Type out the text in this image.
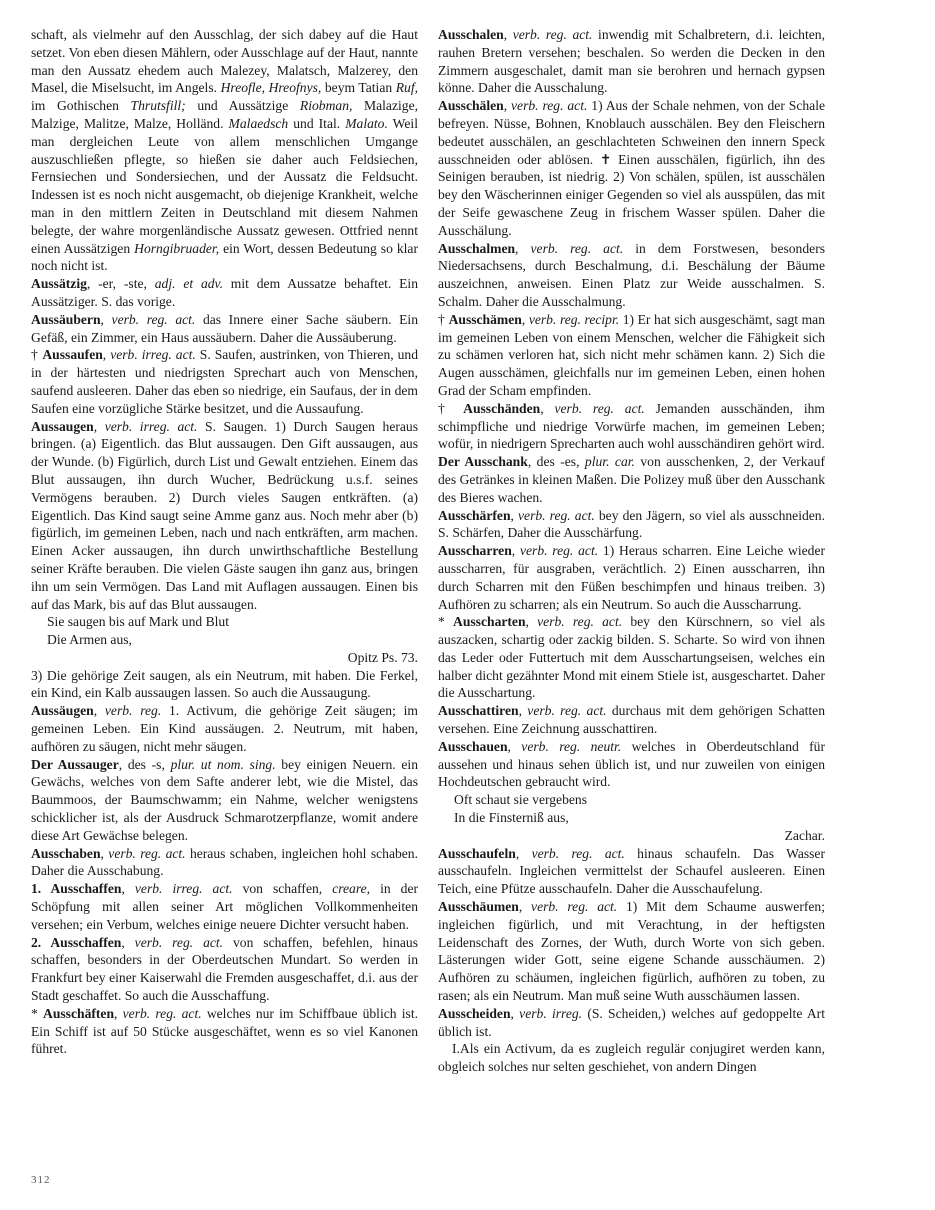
schaft, als vielmehr auf den Ausschlag, der sich dabey auf die Haut setzet. Von eben diesen Mählern, oder Ausschlage auf der Haut, nannte man den Aussatz ehedem auch Malezey, Malatsch, Malzerey, den Masel, die Miselsucht, im Angels. Hreofle, Hreofnys, beym Tatian Ruf, im Gothischen Thrutsfill; und Aussätzige Riobman, Malazige, Malzige, Malitze, Malze, Holländ. Malaedsch und Ital. Malato. Weil man dergleichen Leute von allem menschlichen Umgange auszuschließen pflegte, so hießen sie daher auch Feldsiechen, Fernsiechen und Sondersiechen, und der Aussatz die Feldsucht. Indessen ist es noch nicht ausgemacht, ob diejenige Krankheit, welche man in den mittlern Zeiten in Deutschland mit diesem Nahmen belegte, der wahre morgenländische Aussatz gewesen. Ottfried nennt einen Aussätzigen Horngibruader, ein Wort, dessen Bedeutung so klar noch nicht ist.

Aussätzig, -er, -ste, adj. et adv. mit dem Aussatze behaftet. Ein Aussätziger. S. das vorige.

Aussäubern, verb. reg. act. das Innere einer Sache säubern. Ein Gefäß, ein Zimmer, ein Haus aussäubern. Daher die Aussäuberung.

† Aussaufen, verb. irreg. act. S. Saufen, austrinken, von Thieren, und in der härtesten und niedrigsten Sprechart auch von Menschen, saufend ausleeren. Daher das eben so niedrige, ein Saufaus, der in dem Saufen eine vorzügliche Stärke besitzet, und die Aussaufung.

Aussaugen, verb. irreg. act. S. Saugen. 1) Durch Saugen heraus bringen. (a) Eigentlich. das Blut aussaugen. Den Gift aussaugen, aus der Wunde. (b) Figürlich, durch List und Gewalt entziehen. Einem das Blut aussaugen, ihn durch Wucher, Bedrückung u.s.f. seines Vermögens berauben. 2) Durch vieles Saugen entkräften. (a) Eigentlich. Das Kind saugt seine Amme ganz aus. Noch mehr aber (b) figürlich, im gemeinen Leben, nach und nach entkräften, arm machen. Einen Acker aussaugen, ihn durch unwirthschaftliche Bestellung seiner Kräfte berauben. Die vielen Gäste saugen ihn ganz aus, bringen ihn um sein Vermögen. Das Land mit Auflagen aussaugen. Einen bis auf das Mark, bis auf das Blut aussaugen.

Sie saugen bis auf Mark und Blut

Die Armen aus,

Opitz Ps. 73.

3) Die gehörige Zeit saugen, als ein Neutrum, mit haben. Die Ferkel, ein Kind, ein Kalb aussaugen lassen. So auch die Aussaugung.

Aussäugen, verb. reg. 1. Activum, die gehörige Zeit säugen; im gemeinen Leben. Ein Kind aussäugen. 2. Neutrum, mit haben, aufhören zu säugen, nicht mehr säugen.

Der Aussauger, des -s, plur. ut nom. sing. bey einigen Neuern. ein Gewächs, welches von dem Safte anderer lebt, wie die Mistel, das Baummoos, der Baumschwamm; ein Nahme, welcher wenigstens schicklicher ist, als der Ausdruck Schmarotzerpflanze, womit andere diese Art Gewächse belegen.

Ausschaben, verb. reg. act. heraus schaben, ingleichen hohl schaben. Daher die Ausschabung.

1. Ausschaffen, verb. irreg. act. von schaffen, creare, in der Schöpfung mit allen seiner Art möglichen Vollkommenheiten versehen; ein Verbum, welches einige neuere Dichter versucht haben.

2. Ausschaffen, verb. reg. act. von schaffen, befehlen, hinaus schaffen, besonders in der Oberdeutschen Mundart. So werden in Frankfurt bey einer Kaiserwahl die Fremden ausgeschaffet, d.i. aus der Stadt geschaffet. So auch die Ausschaffung.

* Ausschäften, verb. reg. act. welches nur im Schiffbaue üblich ist. Ein Schiff ist auf 50 Stücke ausgeschäftet, wenn es so viel Kanonen führet.

Ausschalen, verb. reg. act. inwendig mit Schalbretern, d.i. leichten, rauhen Bretern versehen; beschalen. So werden die Decken in den Zimmern ausgeschalet, damit man sie berohren und hernach gypsen könne. Daher die Ausschalung.

Ausschälen, verb. reg. act. 1) Aus der Schale nehmen, von der Schale befreyen. Nüsse, Bohnen, Knoblauch ausschälen. Bey den Fleischern bedeutet ausschälen, an geschlachteten Schweinen den innern Speck ausschneiden oder ablösen. ✝ Einen ausschälen, figürlich, ihn des Seinigen berauben, ist niedrig. 2) Von schälen, spülen, ist ausschälen bey den Wäscherinnen einiger Gegenden so viel als ausspülen, das mit der Seife gewaschene Zeug in frischem Wasser spülen. Daher die Ausschälung.

Ausschalmen, verb. reg. act. in dem Forstwesen, besonders Niedersachsens, durch Beschalmung, d.i. Beschälung der Bäume auszeichnen, anweisen. Einen Platz zur Weide ausschalmen. S. Schalm. Daher die Ausschalmung.

† Ausschämen, verb. reg. recipr. 1) Er hat sich ausgeschämt, sagt man im gemeinen Leben von einem Menschen, welcher die Fähigkeit sich zu schämen verloren hat, sich nicht mehr schämen kann. 2) Sich die Augen ausschämen, gleichfalls nur im gemeinen Leben, einen hohen Grad der Scham empfinden.

† Ausschänden, verb. reg. act. Jemanden ausschänden, ihm schimpfliche und niedrige Vorwürfe machen, im gemeinen Leben; wofür, in niedrigern Sprecharten auch wohl ausschändiren gehört wird.

Der Ausschank, des -es, plur. car. von ausschenken, 2, der Verkauf des Getränkes in kleinen Maßen. Die Polizey muß über den Ausschank des Bieres wachen.

Ausschärfen, verb. reg. act. bey den Jägern, so viel als ausschneiden. S. Schärfen, Daher die Ausschärfung.

Ausscharren, verb. reg. act. 1) Heraus scharren. Eine Leiche wieder ausscharren, für ausgraben, verächtlich. 2) Einen ausscharren, ihn durch Scharren mit den Füßen beschimpfen und hinaus treiben. 3) Aufhören zu scharren; als ein Neutrum. So auch die Ausscharrung.

* Ausscharten, verb. reg. act. bey den Kürschnern, so viel als auszacken, schartig oder zackig bilden. S. Scharte. So wird von ihnen das Leder oder Futtertuch mit dem Ausschartungseisen, welches ein halber dicht gezähnter Mond mit einem Stiele ist, ausgeschartet. Daher die Ausschartung.

Ausschattiren, verb. reg. act. durchaus mit dem gehörigen Schatten versehen. Eine Zeichnung ausschattiren.

Ausschauen, verb. reg. neutr. welches in Oberdeutschland für aussehen und hinaus sehen üblich ist, und nur zuweilen von einigen Hochdeutschen gebraucht wird.

Oft schaut sie vergebens

In die Finsterniß aus,

Zachar.

Ausschaufeln, verb. reg. act. hinaus schaufeln. Das Wasser ausschaufeln. Ingleichen vermittelst der Schaufel ausleeren. Einen Teich, eine Pfütze ausschaufeln. Daher die Ausschaufelung.

Ausschäumen, verb. reg. act. 1) Mit dem Schaume auswerfen; ingleichen figürlich, und mit Verachtung, in der heftigsten Leidenschaft des Zornes, der Wuth, durch Worte von sich geben. Lästerungen wider Gott, seine eigene Schande ausschäumen. 2) Aufhören zu schäumen, ingleichen figürlich, aufhören zu toben, zu rasen; als ein Neutrum. Man muß seine Wuth ausschäumen lassen.

Ausscheiden, verb. irreg. (S. Scheiden,) welches auf gedoppelte Art üblich ist.

I.Als ein Activum, da es zugleich regulär conjugiret werden kann, obgleich solches nur selten geschiehet, von andern Dingen

312
